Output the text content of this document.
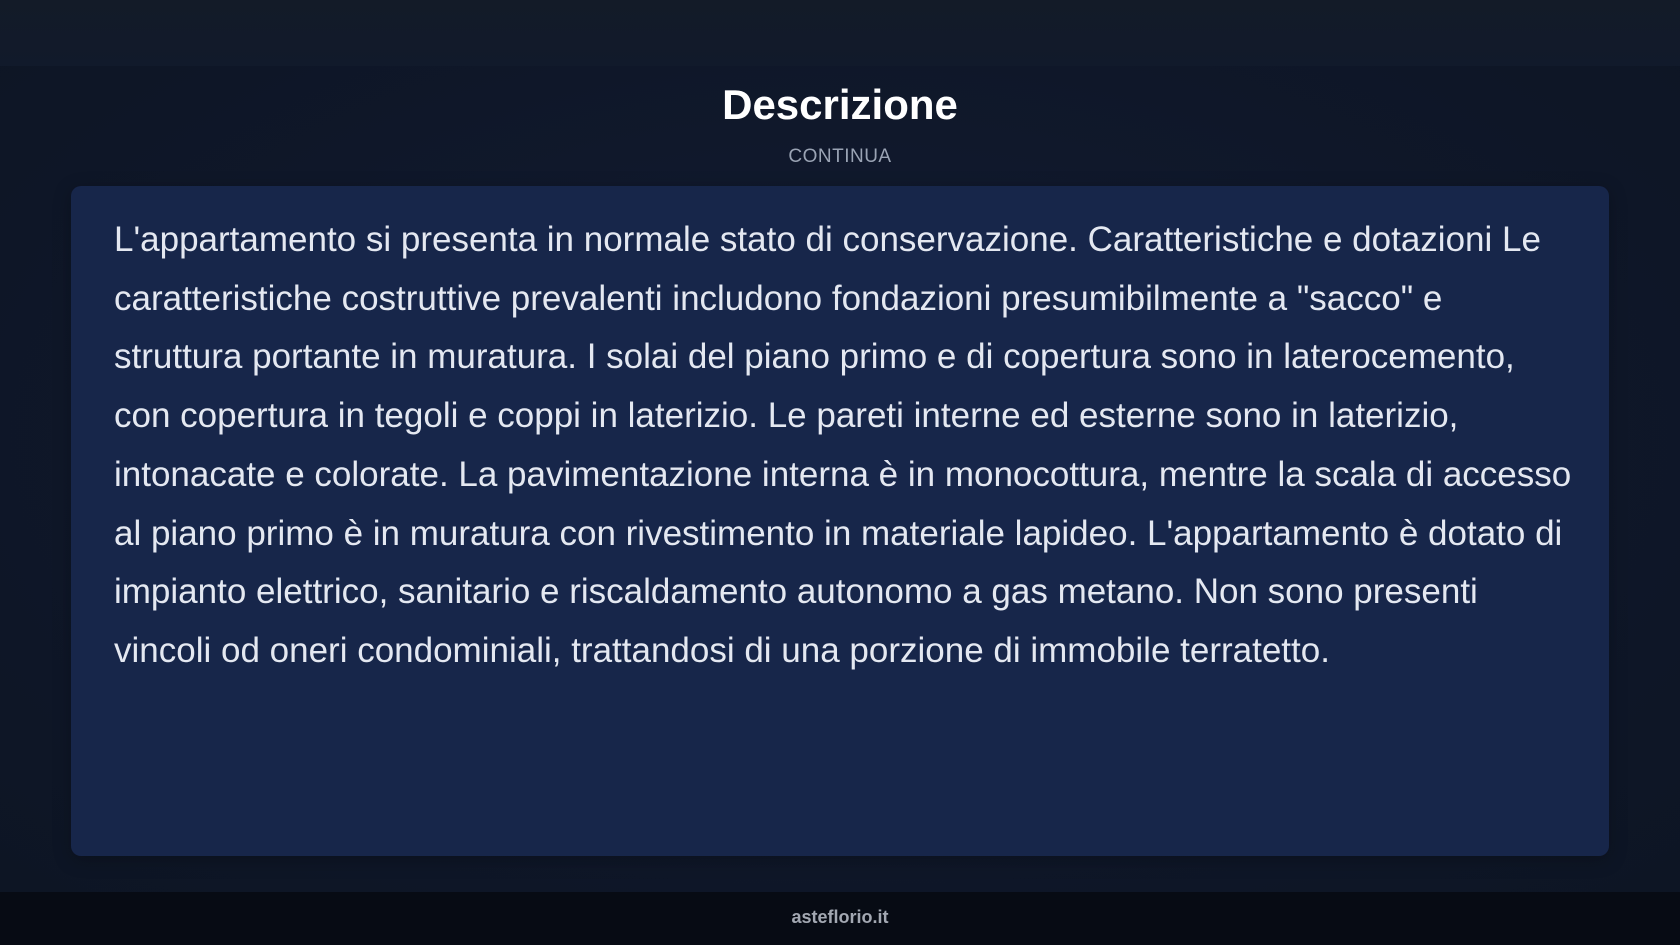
Descrizione
CONTINUA

L'appartamento si presenta in normale stato di conservazione. Caratteristiche e dotazioni Le caratteristiche costruttive prevalenti includono fondazioni presumibilmente a "sacco" e struttura portante in muratura. I solai del piano primo e di copertura sono in laterocemento, con copertura in tegoli e coppi in laterizio. Le pareti interne ed esterne sono in laterizio, intonacate e colorate. La pavimentazione interna è in monocottura, mentre la scala di accesso al piano primo è in muratura con rivestimento in materiale lapideo. L'appartamento è dotato di impianto elettrico, sanitario e riscaldamento autonomo a gas metano. Non sono presenti vincoli od oneri condominiali, trattandosi di una porzione di immobile terratetto.

asteflorio.it
